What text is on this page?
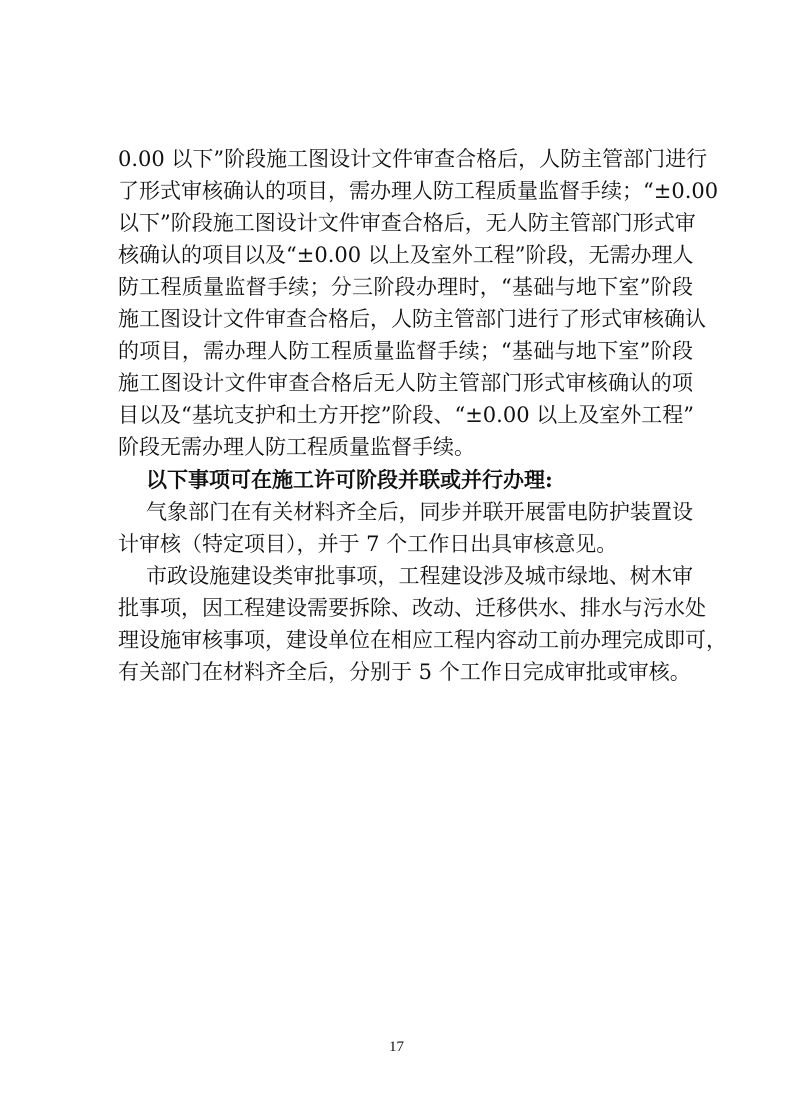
0.00 以下”阶段施工图设计文件审查合格后，人防主管部门进行
了形式审核确认的项目，需办理人防工程质量监督手续；“±0.00
以下”阶段施工图设计文件审查合格后，无人防主管部门形式审
核确认的项目以及“±0.00 以上及室外工程”阶段，无需办理人
防工程质量监督手续；分三阶段办理时，“基础与地下室”阶段
施工图设计文件审查合格后，人防主管部门进行了形式审核确认
的项目，需办理人防工程质量监督手续；“基础与地下室”阶段
施工图设计文件审查合格后无人防主管部门形式审核确认的项
目以及“基坑支护和土方开挖”阶段、“±0.00 以上及室外工程”
阶段无需办理人防工程质量监督手续。
以下事项可在施工许可阶段并联或并行办理:
气象部门在有关材料齐全后，同步并联开展雷电防护装置设
计审核（特定项目），并于 7 个工作日出具审核意见。
市政设施建设类审批事项，工程建设涉及城市绿地、树木审
批事项，因工程建设需要拆除、改动、迁移供水、排水与污水处
理设施审核事项，建设单位在相应工程内容动工前办理完成即可，
有关部门在材料齐全后，分别于 5 个工作日完成审批或审核。
17
